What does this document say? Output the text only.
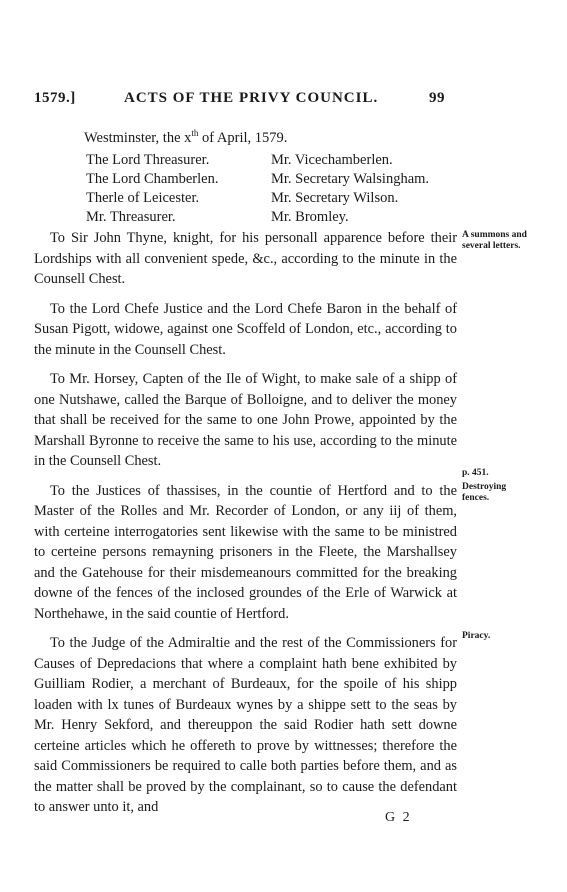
1579.]	ACTS OF THE PRIVY COUNCIL.	99
Westminster, the $x^{th}$ of April, 1579.
The Lord Threasurer.	Mr. Vicechamberlen.
The Lord Chamberlen.	Mr. Secretary Walsingham.
Therle of Leicester.	Mr. Secretary Wilson.
Mr. Threasurer.	Mr. Bromley.

To Sir John Thyne, knight, for his personall apparence before their Lordships with all convenient spede, &c., according to the minute in the Counsell Chest.

To the Lord Chefe Justice and the Lord Chefe Baron in the behalf of Susan Pigott, widowe, against one Scoffeld of London, etc., according to the minute in the Counsell Chest.

To Mr. Horsey, Capten of the Ile of Wight, to make sale of a shipp of one Nutshawe, called the Barque of Bolloigne, and to deliver the money that shall be received for the same to one John Prowe, appointed by the Marshall Byronne to receive the same to his use, according to the minute in the Counsell Chest.

To the Justices of thassises, in the countie of Hertford and to the Master of the Rolles and Mr. Recorder of London, or any iij of them, with certeine interrogatories sent likewise with the same to be ministred to certeine persons remayning prisoners in the Fleete, the Marshallsey and the Gatehouse for their misdemeanours committed for the breaking downe of the fences of the inclosed groundes of the Erle of Warwick at Northehawe, in the said countie of Hertford.

To the Judge of the Admiraltie and the rest of the Commissioners for Causes of Depredacions that where a complaint hath bene exhibited by Guilliam Rodier, a merchant of Burdeaux, for the spoile of his shipp loaden with lx tunes of Burdeaux wynes by a shippe sett to the seas by Mr. Henry Sekford, and thereuppon the said Rodier hath sett downe certeine articles which he offereth to prove by wittnesses; therefore the said Commissioners be required to calle both parties before them, and as the matter shall be proved by the complainant, so to cause the defendant to answer unto it, and

A summons and several letters.
p. 451.
Destroying fences.
Piracy.
G 2
